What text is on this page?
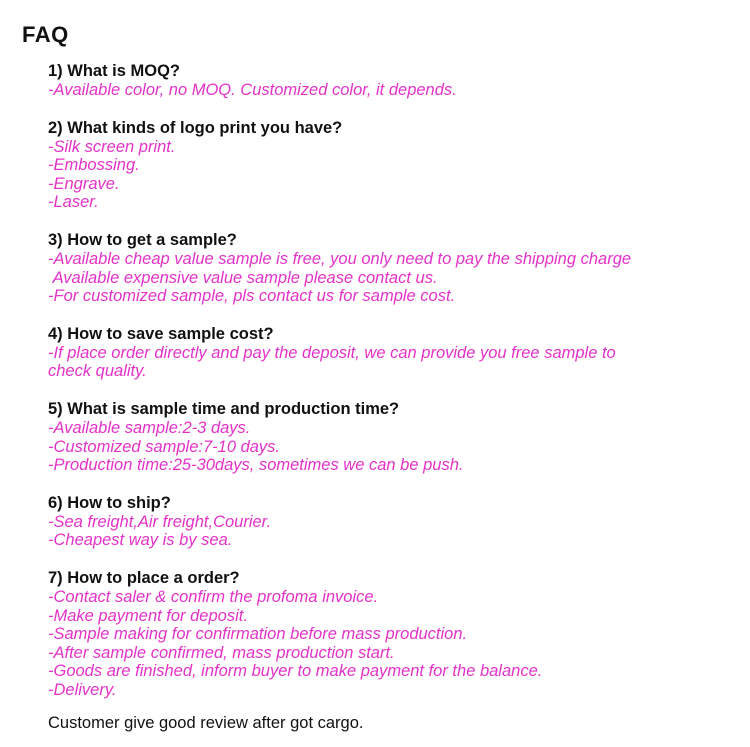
FAQ
1) What is MOQ?
-Available color, no MOQ. Customized color, it depends.
2) What kinds of logo print you have?
-Silk screen print.
-Embossing.
-Engrave.
-Laser.
3) How to get a sample?
-Available cheap value sample is free, you only need to pay the shipping charge
Available expensive value sample please contact us.
-For customized sample, pls contact us for sample cost.
4) How to save sample cost?
-If place order directly and pay the deposit, we can provide you free sample to
check quality.
5) What is sample time and production time?
-Available sample:2-3 days.
-Customized sample:7-10 days.
-Production time:25-30days, sometimes we can be push.
6) How to ship?
-Sea freight,Air freight,Courier.
-Cheapest way is by sea.
7) How to place a order?
-Contact saler & confirm the profoma invoice.
-Make payment for deposit.
-Sample making for confirmation before mass production.
-After sample confirmed, mass production start.
-Goods are finished, inform buyer to make payment for the balance.
-Delivery.
Customer give good review after got cargo.
